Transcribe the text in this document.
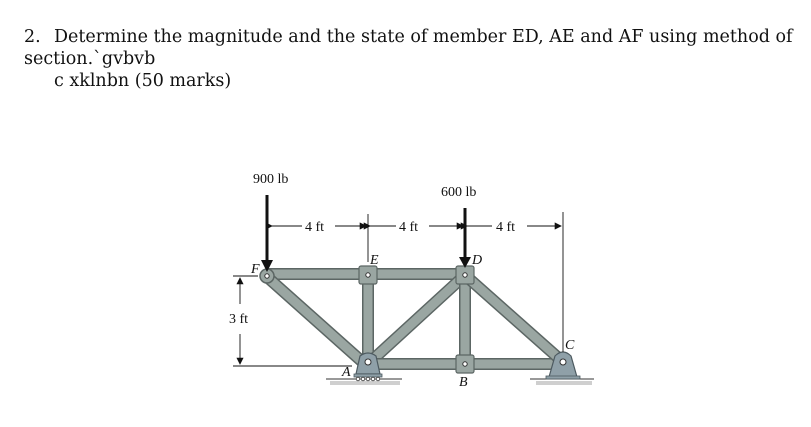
2. Determine the magnitude and the state of member ED, AE and AF using method of section.`gvbvb
c xklnbn (50 marks)
900 lb
600 lb
4 ft	4 ft	4 ft
3 ft
F
E	D
A
B
C
